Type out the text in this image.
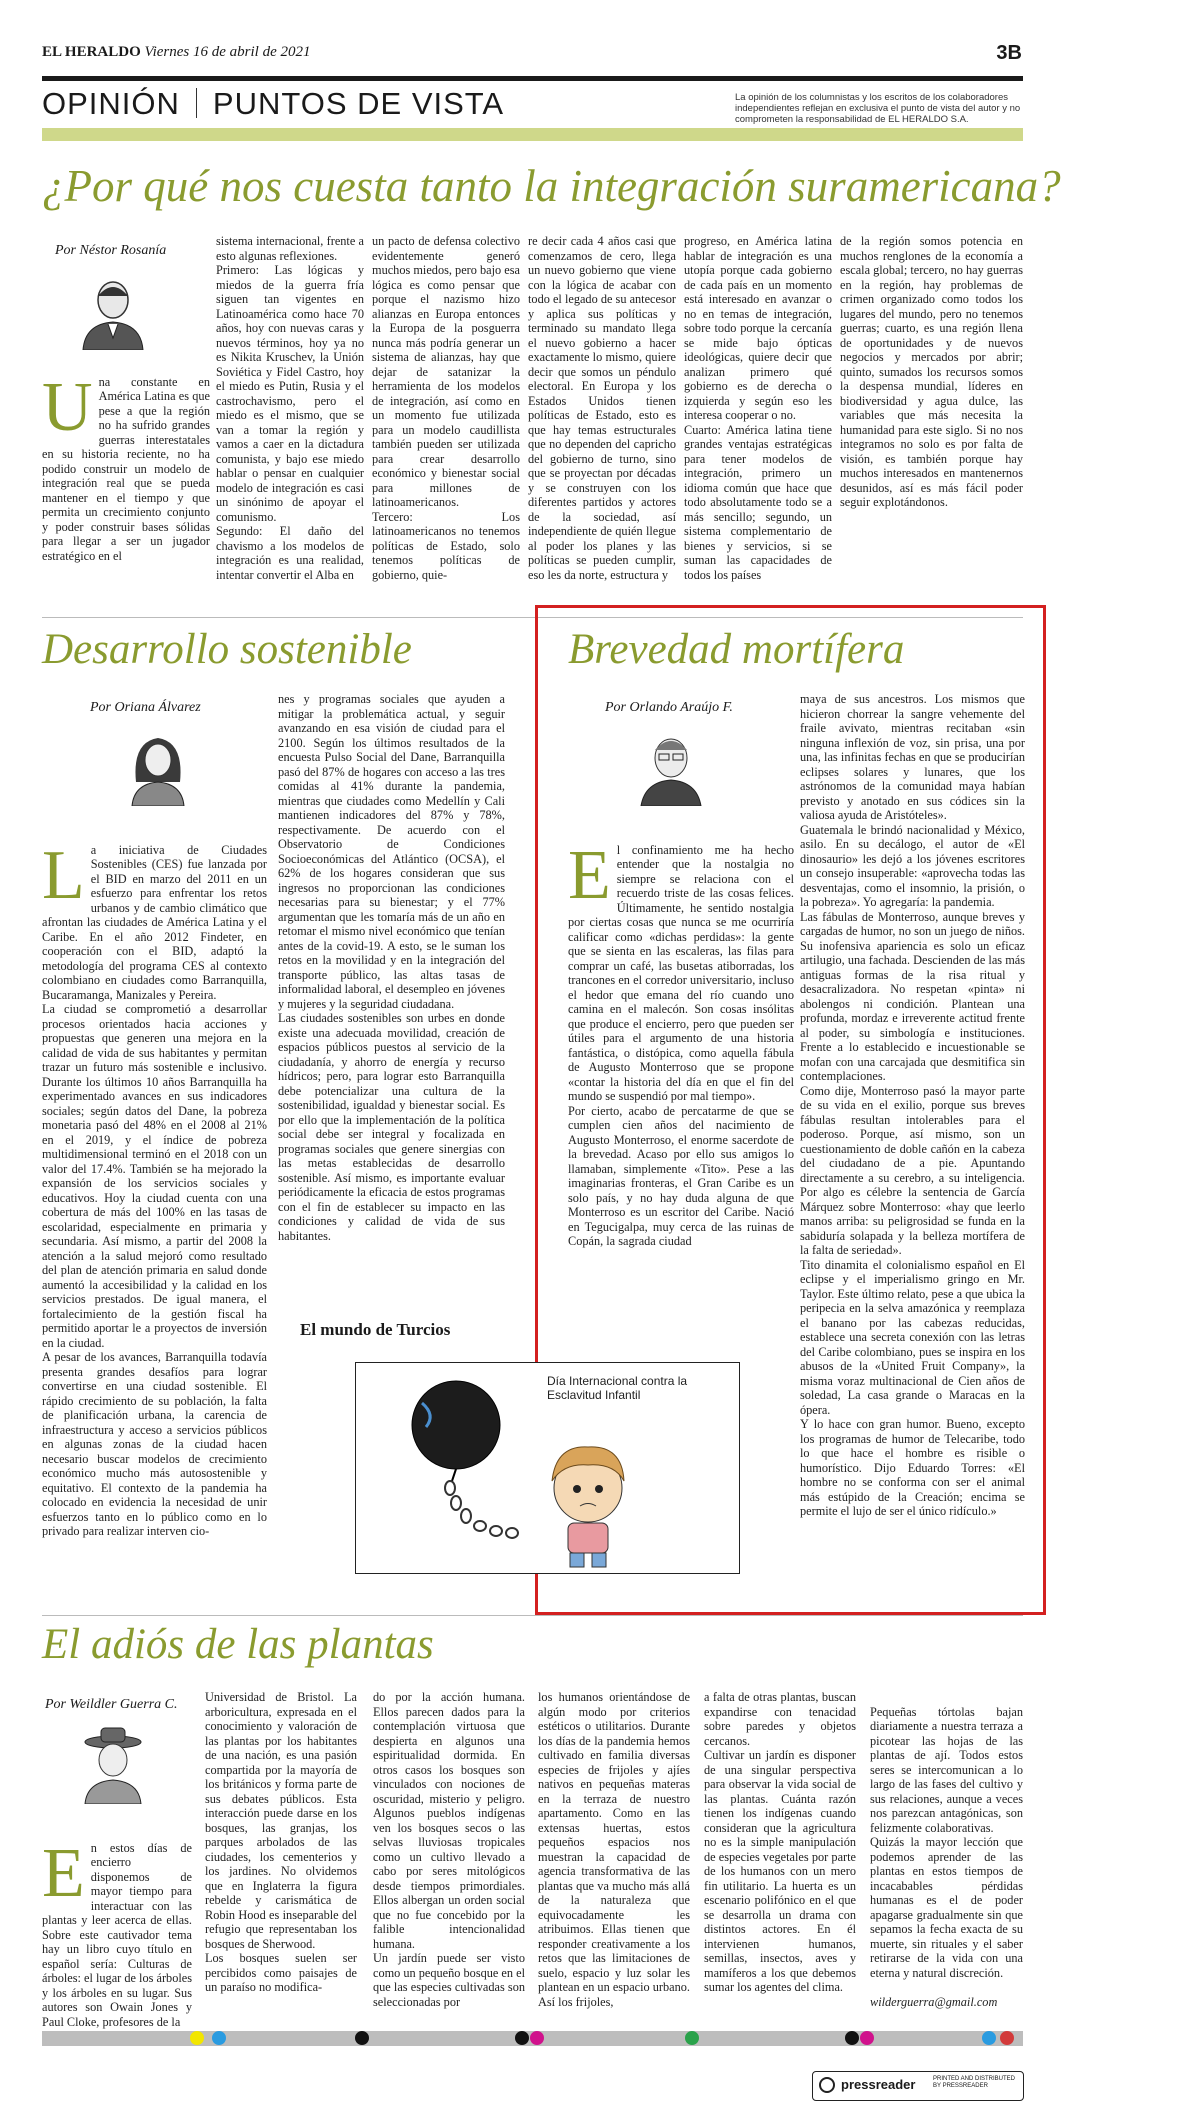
EL HERALDO Viernes 16 de abril de 2021	3B
OPINIÓN PUNTOS DE VISTA	La opinión de los columnistas y los escritos de los colaboradores independientes reflejan en exclusiva el punto de vista del autor y no comprometen la responsabilidad de EL HERALDO S.A.
¿Por qué nos cuesta tanto la integración suramericana?
Por Néstor Rosanía

Una constante en América Latina es que pese a que la región no ha sufrido grandes guerras interestatales en su historia reciente, no ha podido construir un modelo de integración real que se pueda mantener en el tiempo y que permita un crecimiento conjunto y poder construir bases sólidas para llegar a ser un jugador estratégico en el

sistema internacional, frente a esto algunas reflexiones.
Primero: Las lógicas y miedos de la guerra fría siguen tan vigentes en Latinoamérica como hace 70 años, hoy con nuevas caras y nuevos términos, hoy ya no es Nikita Kruschev, la Unión Soviética y Fidel Castro, hoy el miedo es Putin, Rusia y el castrochavismo, pero el miedo es el mismo, que se van a tomar la región y vamos a caer en la dictadura comunista, y bajo ese miedo hablar o pensar en cualquier modelo de integración es casi un sinónimo de apoyar el comunismo.
Segundo: El daño del chavismo a los modelos de integración es una realidad, intentar convertir el Alba en
un pacto de defensa colectivo evidentemente generó muchos miedos, pero bajo esa lógica es como pensar que porque el nazismo hizo alianzas en Europa entonces la Europa de la posguerra nunca más podría generar un sistema de alianzas, hay que dejar de satanizar la herramienta de los modelos de integración, así como en un momento fue utilizada para un modelo caudillista también pueden ser utilizada para crear desarrollo económico y bienestar social para millones de latinoamericanos.
Tercero: Los latinoamericanos no tenemos políticas de Estado, solo tenemos políticas de gobierno, quie-
re decir cada 4 años casi que comenzamos de cero, llega un nuevo gobierno que viene con la lógica de acabar con todo el legado de su antecesor y aplica sus políticas y terminado su mandato llega el nuevo gobierno a hacer exactamente lo mismo, quiere decir que somos un péndulo electoral. En Europa y los Estados Unidos tienen políticas de Estado, esto es que hay temas estructurales que no dependen del capricho del gobierno de turno, sino que se proyectan por décadas y se construyen con los diferentes partidos y actores de la sociedad, así independiente de quién llegue al poder los planes y las políticas se pueden cumplir, eso les da norte, estructura y
progreso, en América latina hablar de integración es una utopía porque cada gobierno de cada país en un momento está interesado en avanzar o no en temas de integración, sobre todo porque la cercanía se mide bajo ópticas ideológicas, quiere decir que analizan primero qué gobierno es de derecha o izquierda y según eso les interesa cooperar o no.
Cuarto: América latina tiene grandes ventajas estratégicas para tener modelos de integración, primero un idioma común que hace que todo absolutamente todo se a más sencillo; segundo, un sistema complementario de bienes y servicios, si se suman las capacidades de todos los países
de la región somos potencia en muchos renglones de la economía a escala global; tercero, no hay guerras en la región, hay problemas de crimen organizado como todos los lugares del mundo, pero no tenemos guerras; cuarto, es una región llena de oportunidades y de nuevos negocios y mercados por abrir; quinto, sumados los recursos somos la despensa mundial, líderes en biodiversidad y agua dulce, las variables que más necesita la humanidad para este siglo. Si no nos integramos no solo es por falta de visión, es también porque hay muchos interesados en mantenernos desunidos, así es más fácil poder seguir explotándonos.
Desarrollo sostenible
Por Oriana Álvarez

La iniciativa de Ciudades Sostenibles (CES) fue lanzada por el BID en marzo del 2011 en un esfuerzo para enfrentar los retos urbanos y de cambio climático que afrontan las ciudades de América Latina y el Caribe. En el año 2012 Findeter, en cooperación con el BID, adaptó la metodología del programa CES al contexto colombiano en ciudades como Barranquilla, Bucaramanga, Manizales y Pereira.
La ciudad se comprometió a desarrollar procesos orientados hacia acciones y propuestas que generen una mejora en la calidad de vida de sus habitantes y permitan trazar un futuro más sostenible e inclusivo. Durante los últimos 10 años Barranquilla ha experimentado avances en sus indicadores sociales; según datos del Dane, la pobreza monetaria pasó del 48% en el 2008 al 21% en el 2019, y el índice de pobreza multidimensional terminó en el 2018 con un valor del 17.4%. También se ha mejorado la expansión de los servicios sociales y educativos. Hoy la ciudad cuenta con una cobertura de más del 100% en las tasas de escolaridad, especialmente en primaria y secundaria. Así mismo, a partir del 2008 la atención a la salud mejoró como resultado del plan de atención primaria en salud donde aumentó la accesibilidad y la calidad en los servicios prestados. De igual manera, el fortalecimiento de la gestión fiscal ha permitido aportar le a proyectos de inversión en la ciudad.
A pesar de los avances, Barranquilla todavía presenta grandes desafíos para lograr convertirse en una ciudad sostenible. El rápido crecimiento de su población, la falta de planificación urbana, la carencia de infraestructura y acceso a servicios públicos en algunas zonas de la ciudad hacen necesario buscar modelos de crecimiento económico mucho más autosostenible y equitativo. El contexto de la pandemia ha colocado en evidencia la necesidad de unir esfuerzos tanto en lo público como en lo privado para realizar interven cio-

nes y programas sociales que ayuden a mitigar la problemática actual, y seguir avanzando en esa visión de ciudad para el 2100. Según los últimos resultados de la encuesta Pulso Social del Dane, Barranquilla pasó del 87% de hogares con acceso a las tres comidas al 41% durante la pandemia, mientras que ciudades como Medellín y Cali mantienen indicadores del 87% y 78%, respectivamente. De acuerdo con el Observatorio de Condiciones Socioeconómicas del Atlántico (OCSA), el 62% de los hogares consideran que sus ingresos no proporcionan las condiciones necesarias para su bienestar; y el 77% argumentan que les tomaría más de un año en retomar el mismo nivel económico que tenían antes de la covid-19. A esto, se le suman los retos en la movilidad y en la integración del transporte público, las altas tasas de informalidad laboral, el desempleo en jóvenes y mujeres y la seguridad ciudadana.
Las ciudades sostenibles son urbes en donde existe una adecuada movilidad, creación de espacios públicos puestos al servicio de la ciudadanía, y ahorro de energía y recurso hídricos; pero, para lograr esto Barranquilla debe potencializar una cultura de la sostenibilidad, igualdad y bienestar social. Es por ello que la implementación de la política social debe ser integral y focalizada en programas sociales que genere sinergias con las metas establecidas de desarrollo sostenible. Así mismo, es importante evaluar periódicamente la eficacia de estos programas con el fin de establecer su impacto en las condiciones y calidad de vida de sus habitantes.
Brevedad mortífera
Por Orlando Araújo F.

El confinamiento me ha hecho entender que la nostalgia no siempre se relaciona con el recuerdo triste de las cosas felices. Últimamente, he sentido nostalgia por ciertas cosas que nunca se me ocurriría calificar como «dichas perdidas»: la gente que se sienta en las escaleras, las filas para comprar un café, las busetas atiborradas, los trancones en el corredor universitario, incluso el hedor que emana del río cuando uno camina en el malecón. Son cosas insólitas que produce el encierro, pero que pueden ser útiles para el argumento de una historia fantástica, o distópica, como aquella fábula de Augusto Monterroso que se propone «contar la historia del día en que el fin del mundo se suspendió por mal tiempo».
Por cierto, acabo de percatarme de que se cumplen cien años del nacimiento de Augusto Monterroso, el enorme sacerdote de la brevedad. Acaso por ello sus amigos lo llamaban, simplemente «Tito». Pese a las imaginarias fronteras, el Gran Caribe es un solo país, y no hay duda alguna de que Monterroso es un escritor del Caribe. Nació en Tegucigalpa, muy cerca de las ruinas de Copán, la sagrada ciudad

maya de sus ancestros. Los mismos que hicieron chorrear la sangre vehemente del fraile avivato, mientras recitaban «sin ninguna inflexión de voz, sin prisa, una por una, las infinitas fechas en que se producirían eclipses solares y lunares, que los astrónomos de la comunidad maya habían previsto y anotado en sus códices sin la valiosa ayuda de Aristóteles».
Guatemala le brindó nacionalidad y México, asilo. En su decálogo, el autor de «El dinosaurio» les dejó a los jóvenes escritores un consejo insuperable: «aprovecha todas las desventajas, como el insomnio, la prisión, o la pobreza». Yo agregaría: la pandemia.
Las fábulas de Monterroso, aunque breves y cargadas de humor, no son un juego de niños. Su inofensiva apariencia es solo un eficaz artilugio, una fachada. Descienden de las más antiguas formas de la risa ritual y desacralizadora. No respetan «pinta» ni abolengos ni condición. Plantean una profunda, mordaz e irreverente actitud frente al poder, su simbología e instituciones. Frente a lo establecido e incuestionable se mofan con una carcajada que desmitifica sin contemplaciones.
Como dije, Monterroso pasó la mayor parte de su vida en el exilio, porque sus breves fábulas resultan intolerables para el poderoso. Porque, así mismo, son un cuestionamiento de doble cañón en la cabeza del ciudadano de a pie. Apuntando directamente a su cerebro, a su inteligencia. Por algo es célebre la sentencia de García Márquez sobre Monterroso: «hay que leerlo manos arriba: su peligrosidad se funda en la sabiduría solapada y la belleza mortífera de la falta de seriedad».
Tito dinamita el colonialismo español en El eclipse y el imperialismo gringo en Mr. Taylor. Este último relato, pese a que ubica la peripecia en la selva amazónica y reemplaza el banano por las cabezas reducidas, establece una secreta conexión con las letras del Caribe colombiano, pues se inspira en los abusos de la «United Fruit Company», la misma voraz multinacional de Cien años de soledad, La casa grande o Maracas en la ópera.
Y lo hace con gran humor. Bueno, excepto los programas de humor de Telecaribe, todo lo que hace el hombre es risible o humorístico. Dijo Eduardo Torres: «El hombre no se conforma con ser el animal más estúpido de la Creación; encima se permite el lujo de ser el único ridículo.»
El mundo de Turcios
Día Internacional contra la Esclavitud Infantil
El adiós de las plantas
Por Weildler Guerra C.

En estos días de encierro disponemos de mayor tiempo para interactuar con las plantas y leer acerca de ellas. Sobre este cautivador tema hay un libro cuyo título en español sería: Culturas de árboles: el lugar de los árboles y los árboles en su lugar. Sus autores son Owain Jones y Paul Cloke, profesores de la

Universidad de Bristol. La arboricultura, expresada en el conocimiento y valoración de las plantas por los habitantes de una nación, es una pasión compartida por la mayoría de los británicos y forma parte de sus debates públicos. Esta interacción puede darse en los bosques, las granjas, los parques arbolados de las ciudades, los cementerios y los jardines. No olvidemos que en Inglaterra la figura rebelde y carismática de Robin Hood es inseparable del refugio que representaban los bosques de Sherwood.
Los bosques suelen ser percibidos como paisajes de un paraíso no modifica-
do por la acción humana. Ellos parecen dados para la contemplación virtuosa que despierta en algunos una espiritualidad dormida. En otros casos los bosques son vinculados con nociones de oscuridad, misterio y peligro. Algunos pueblos indígenas ven los bosques secos o las selvas lluviosas tropicales como un cultivo llevado a cabo por seres mitológicos desde tiempos primordiales. Ellos albergan un orden social que no fue concebido por la falible intencionalidad humana.
Un jardín puede ser visto como un pequeño bosque en el que las especies cultivadas son seleccionadas por
los humanos orientándose de algún modo por criterios estéticos o utilitarios. Durante los días de la pandemia hemos cultivado en familia diversas especies de frijoles y ajíes nativos en pequeñas materas en la terraza de nuestro apartamento. Como en las extensas huertas, estos pequeños espacios nos muestran la capacidad de agencia transformativa de las plantas que va mucho más allá de la naturaleza que equivocadamente les atribuimos. Ellas tienen que responder creativamente a los retos que las limitaciones de suelo, espacio y luz solar les plantean en un espacio urbano. Así los frijoles,
a falta de otras plantas, buscan expandirse con tenacidad sobre paredes y objetos cercanos.
Cultivar un jardín es disponer de una singular perspectiva para observar la vida social de las plantas. Cuánta razón tienen los indígenas cuando consideran que la agricultura no es la simple manipulación de especies vegetales por parte de los humanos con un mero fin utilitario. La huerta es un escenario polifónico en el que se desarrolla un drama con distintos actores. En él intervienen humanos, semillas, insectos, aves y mamíferos a los que debemos sumar los agentes del clima.

Pequeñas tórtolas bajan diariamente a nuestra terraza a picotear las hojas de las plantas de ají. Todos estos seres se intercomunican a lo largo de las fases del cultivo y sus relaciones, aunque a veces nos parezcan antagónicas, son felizmente colaborativas.
Quizás la mayor lección que podemos aprender de las plantas en estos tiempos de incacabables pérdidas humanas es el de poder apagarse gradualmente sin que sepamos la fecha exacta de su muerte, sin rituales y el saber retirarse de la vida con una eterna y natural discreción.

wilderguerra@gmail.com

pressreader	PRINTED AND DISTRIBUTED BY PRESSREADER
